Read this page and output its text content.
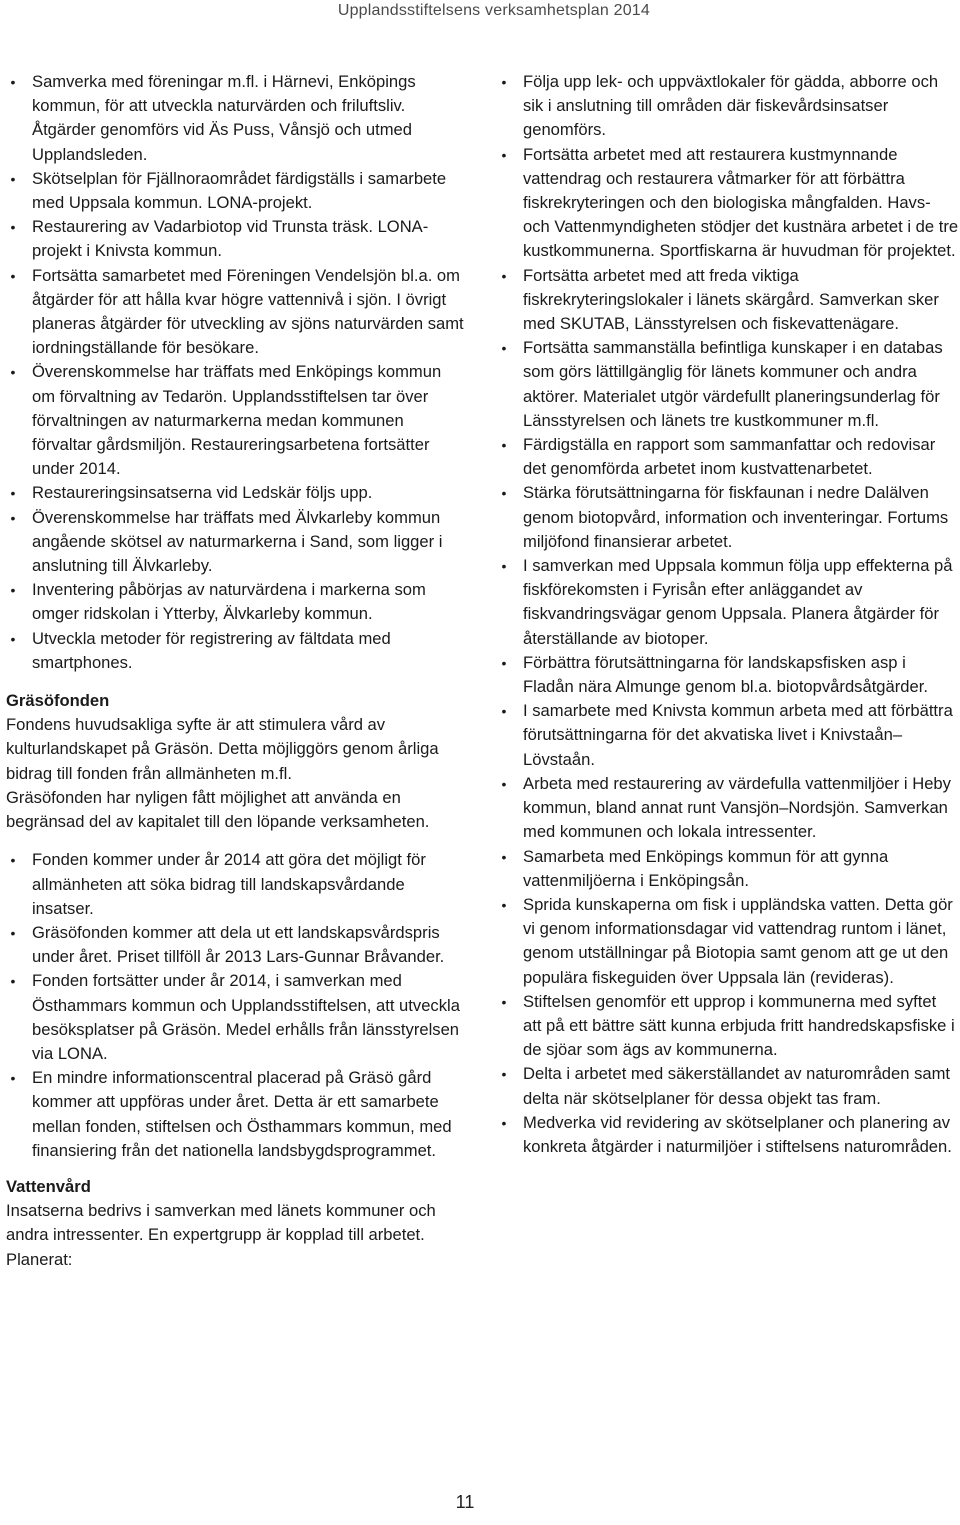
Upplandsstiftelsens verksamhetsplan 2014
• Samverka med föreningar m.fl. i Härnevi, Enköpings kommun, för att utveckla naturvärden och friluftsliv. Åtgärder genomförs vid Äs Puss, Vånsjö och utmed Upplandsleden.
• Skötselplan för Fjällnoraområdet färdigställs i samarbete med Uppsala kommun. LONA-projekt.
• Restaurering av Vadarbiotop vid Trunsta träsk. LONA-projekt i Knivsta kommun.
• Fortsätta samarbetet med Föreningen Vendelsjön bl.a. om åtgärder för att hålla kvar högre vattennivå i sjön. I övrigt planeras åtgärder för utveckling av sjöns naturvärden samt iordningställande för besökare.
• Överenskommelse har träffats med Enköpings kommun om förvaltning av Tedarön. Upplandsstiftelsen tar över förvaltningen av naturmarkerna medan kommunen förvaltar gårdsmiljön. Restaureringsarbetena fortsätter under 2014.
• Restaureringsinsatserna vid Ledskär följs upp.
• Överenskommelse har träffats med Älvkarleby kommun angående skötsel av naturmarkerna i Sand, som ligger i anslutning till Älvkarleby.
• Inventering påbörjas av naturvärdena i markerna som omger ridskolan i Ytterby, Älvkarleby kommun.
• Utveckla metoder för registrering av fältdata med smartphones.
Gräsöfonden

Fondens huvudsakliga syfte är att stimulera vård av kulturlandskapet på Gräsön. Detta möjliggörs genom årliga bidrag till fonden från allmänheten m.fl.

Gräsöfonden har nyligen fått möjlighet att använda en begränsad del av kapitalet till den löpande verksamheten.

• Fonden kommer under år 2014 att göra det möjligt för allmänheten att söka bidrag till landskapsvårdande insatser.
• Gräsöfonden kommer att dela ut ett landskapsvårdspris under året. Priset tillföll år 2013 Lars-Gunnar Bråvander.
• Fonden fortsätter under år 2014, i samverkan med Östhammars kommun och Upplandsstiftelsen, att utveckla besöksplatser på Gräsön. Medel erhålls från länsstyrelsen via LONA.
• En mindre informationscentral placerad på Gräsö gård kommer att uppföras under året. Detta är ett samarbete mellan fonden, stiftelsen och Östhammars kommun, med finansiering från det nationella landsbygdsprogrammet.
Vattenvård

Insatserna bedrivs i samverkan med länets kommuner och andra intressenter. En expertgrupp är kopplad till arbetet. Planerat:

• Följa upp lek- och uppväxtlokaler för gädda, abborre och sik i anslutning till områden där fiskevårdsinsatser genomförs.
• Fortsätta arbetet med att restaurera kustmynnande vattendrag och restaurera våtmarker för att förbättra fiskrekryteringen och den biologiska mångfalden. Havs- och Vattenmyndigheten stödjer det kustnära arbetet i de tre kustkommunerna. Sportfiskarna är huvudman för projektet.
• Fortsätta arbetet med att freda viktiga fiskrekryteringslokaler i länets skärgård. Samverkan sker med SKUTAB, Länsstyrelsen och fiskevattenägare.
• Fortsätta sammanställa befintliga kunskaper i en databas som görs lättillgänglig för länets kommuner och andra aktörer. Materialet utgör värdefullt planeringsunderlag för Länsstyrelsen och länets tre kustkommuner m.fl.
• Färdigställa en rapport som sammanfattar och redovisar det genomförda arbetet inom kustvattenarbetet.
• Stärka förutsättningarna för fiskfaunan i nedre Dalälven genom biotopvård, information och inventeringar. Fortums miljöfond finansierar arbetet.
• I samverkan med Uppsala kommun följa upp effekterna på fiskförekomsten i Fyrisån efter anläggandet av fiskvandringsvägar genom Uppsala. Planera åtgärder för återställande av biotoper.
• Förbättra förutsättningarna för landskapsfisken asp i Fladån nära Almunge genom bl.a. biotopvårdsåtgärder.
• I samarbete med Knivsta kommun arbeta med att förbättra förutsättningarna för det akvatiska livet i Knivstaån–Lövstaån.
• Arbeta med restaurering av värdefulla vattenmiljöer i Heby kommun, bland annat runt Vansjön–Nordsjön. Samverkan med kommunen och lokala intressenter.
• Samarbeta med Enköpings kommun för att gynna vattenmiljöerna i Enköpingsån.
• Sprida kunskaperna om fisk i uppländska vatten. Detta gör vi genom informationsdagar vid vattendrag runtom i länet, genom utställningar på Biotopia samt genom att ge ut den populära fiskeguiden över Uppsala län (revideras).
• Stiftelsen genomför ett upprop i kommunerna med syftet att på ett bättre sätt kunna erbjuda fritt handredskapsfiske i de sjöar som ägs av kommunerna.
• Delta i arbetet med säkerställandet av naturområden samt delta när skötselplaner för dessa objekt tas fram.
• Medverka vid revidering av skötselplaner och planering av konkreta åtgärder i naturmiljöer i stiftelsens naturområden.
11
